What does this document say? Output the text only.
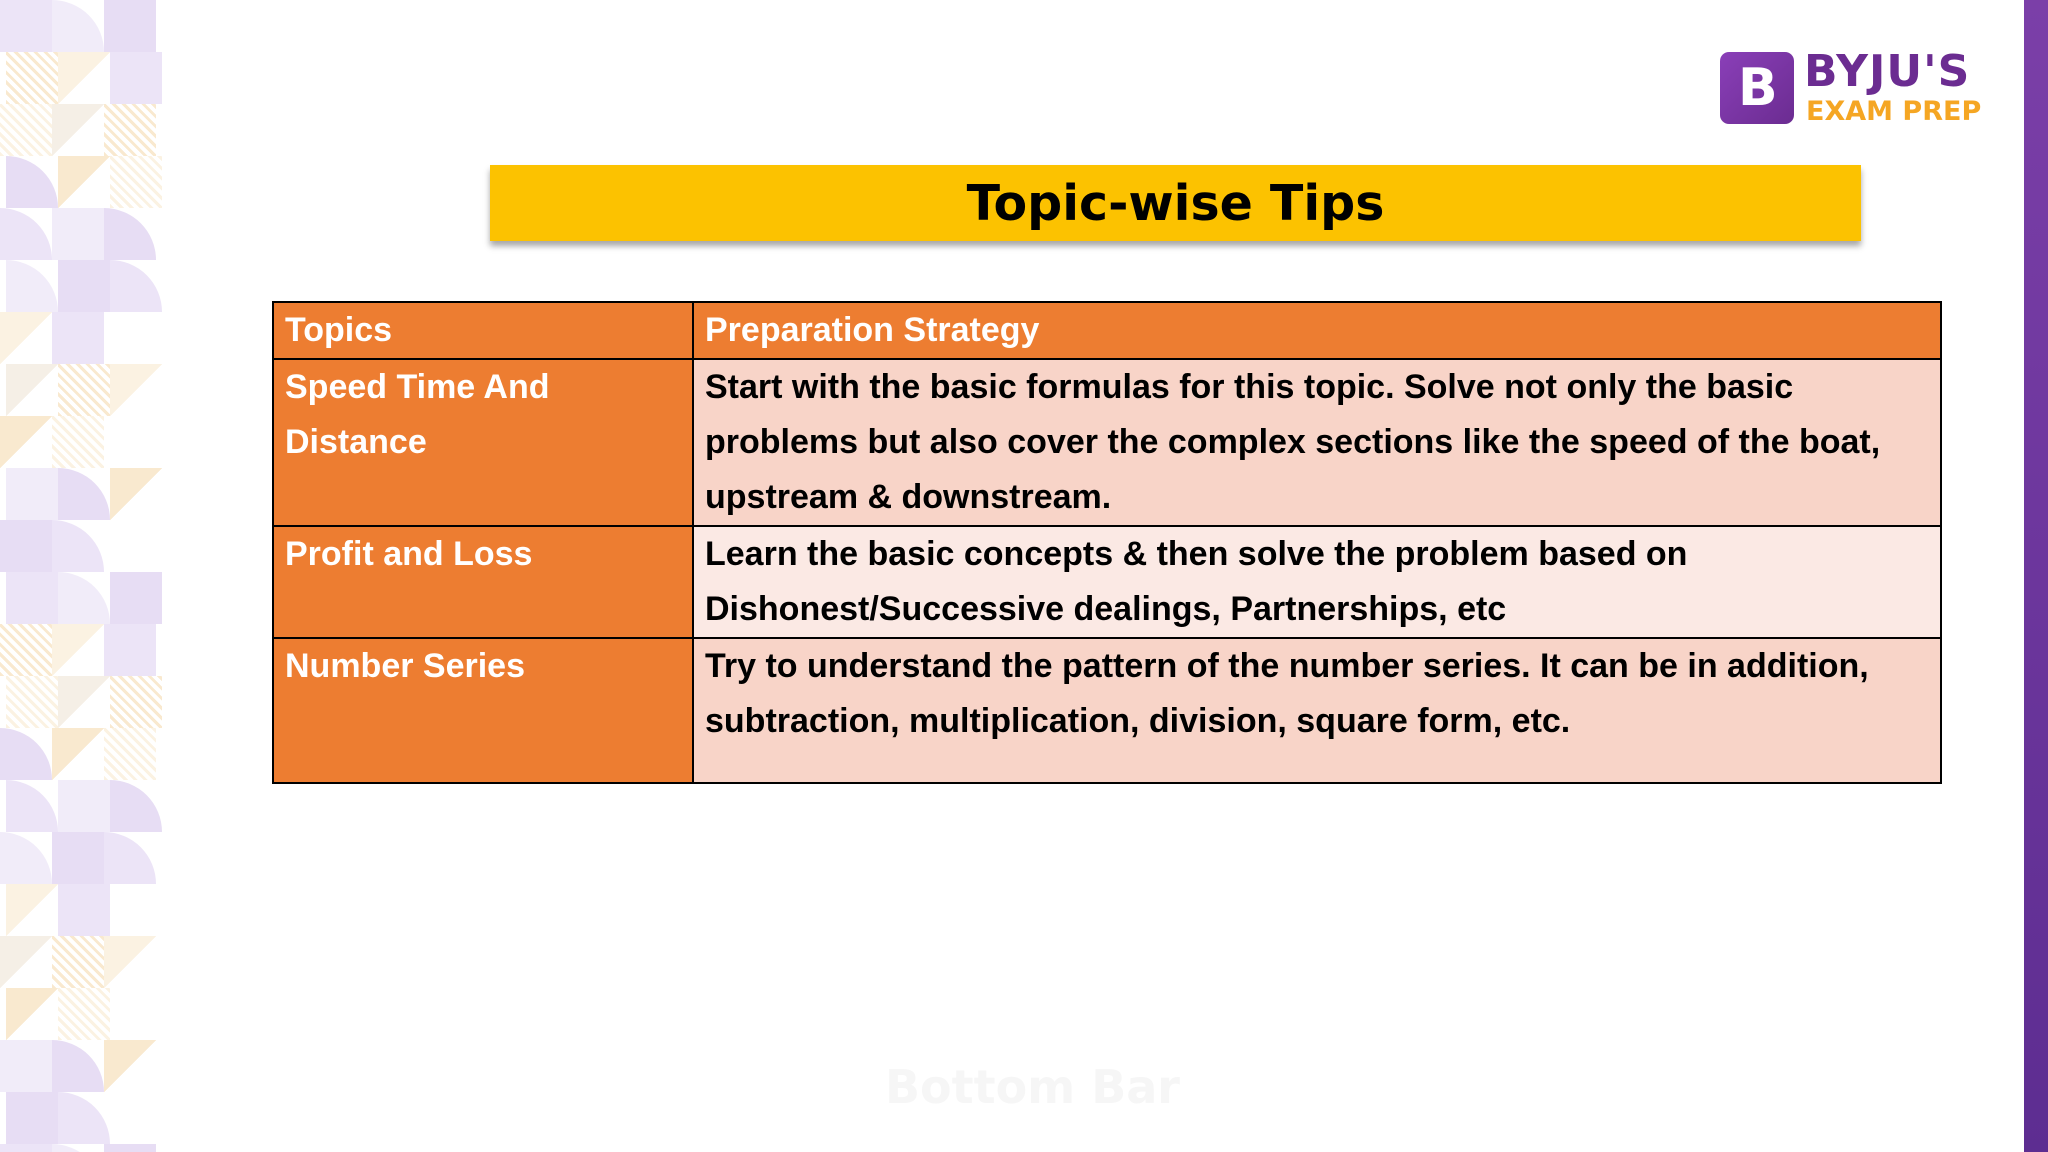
B BYJU'S
EXAM PREP
Topic-wise Tips
Topics	Preparation Strategy
Speed Time And Distance	Start with the basic formulas for this topic. Solve not only the basic problems but also cover the complex sections like the speed of the boat, upstream & downstream.
Profit and Loss	Learn the basic concepts & then solve the problem based on Dishonest/Successive dealings, Partnerships, etc
Number Series	Try to understand the pattern of the number series. It can be in addition, subtraction, multiplication, division, square form, etc.
Bottom Bar
